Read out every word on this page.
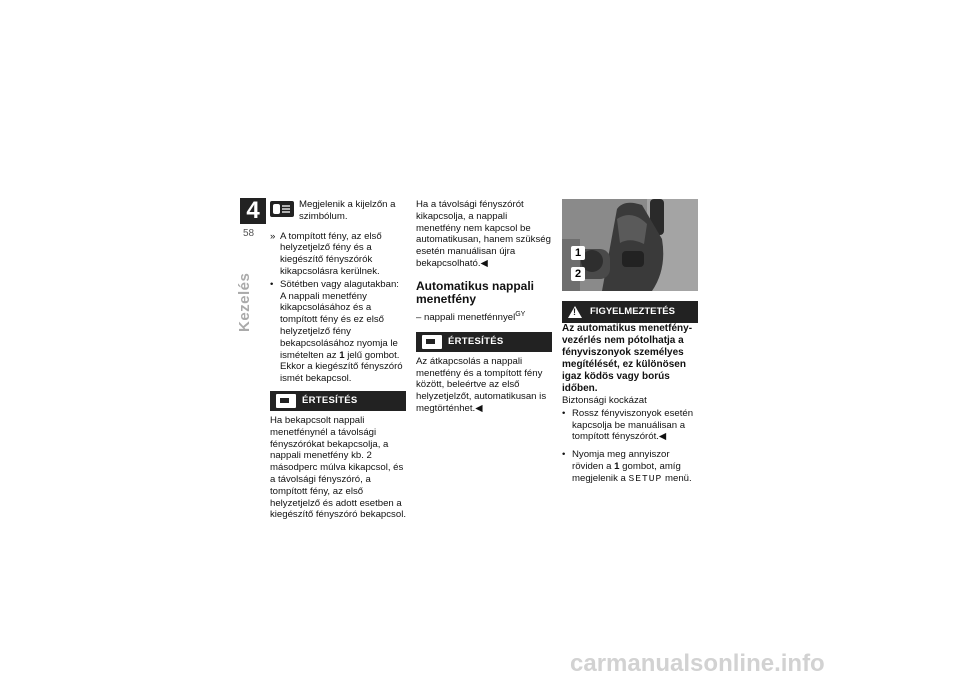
4
58
Kezelés

Megjelenik a kijelzőn a szimbólum.

» A tompított fény, az első helyzetjelző fény és a kiegészítő fényszórók kikapcsolásra kerülnek.
• Sötétben vagy alagutakban: A nappali menetfény kikapcsolásához és a tompított fény és ez első helyzetjelző fény bekapcsolásához nyomja le ismételten az 1 jelű gombot. Ekkor a kiegészítő fényszóró ismét bekapcsol.
ÉRTESÍTÉS

Ha bekapcsolt nappali menetfénynél a távolsági fényszórókat bekapcsolja, a nappali menetfény kb. 2 másodperc múlva kikapcsol, és a távolsági fényszóró, a tompított fény, az első helyzetjelző és adott esetben a kiegészítő fényszóró bekapcsol.

Ha a távolsági fényszórót kikapcsolja, a nappali menetfény nem kapcsol be automatikusan, hanem szükség esetén manuálisan újra bekapcsolható.◀

Automatikus nappali menetfény

– nappali menetfénnyel$^{GY}$

ÉRTESÍTÉS

Az átkapcsolás a nappali menetfény és a tompított fény között, beleértve az első helyzetjelzőt, automatikusan is megtörténhet.◀

1
2
!
FIGYELMEZTETÉS

Az automatikus menetfény-vezérlés nem pótolhatja a fényviszonyok személyes megítélését, ez különösen igaz ködös vagy borús időben.

Biztonsági kockázat

• Rossz fényviszonyok esetén kapcsolja be manuálisan a tompított fényszórót.◀
• Nyomja meg annyiszor röviden a 1 gombot, amíg megjelenik a SETUP menü.
carmanualsonline.info
